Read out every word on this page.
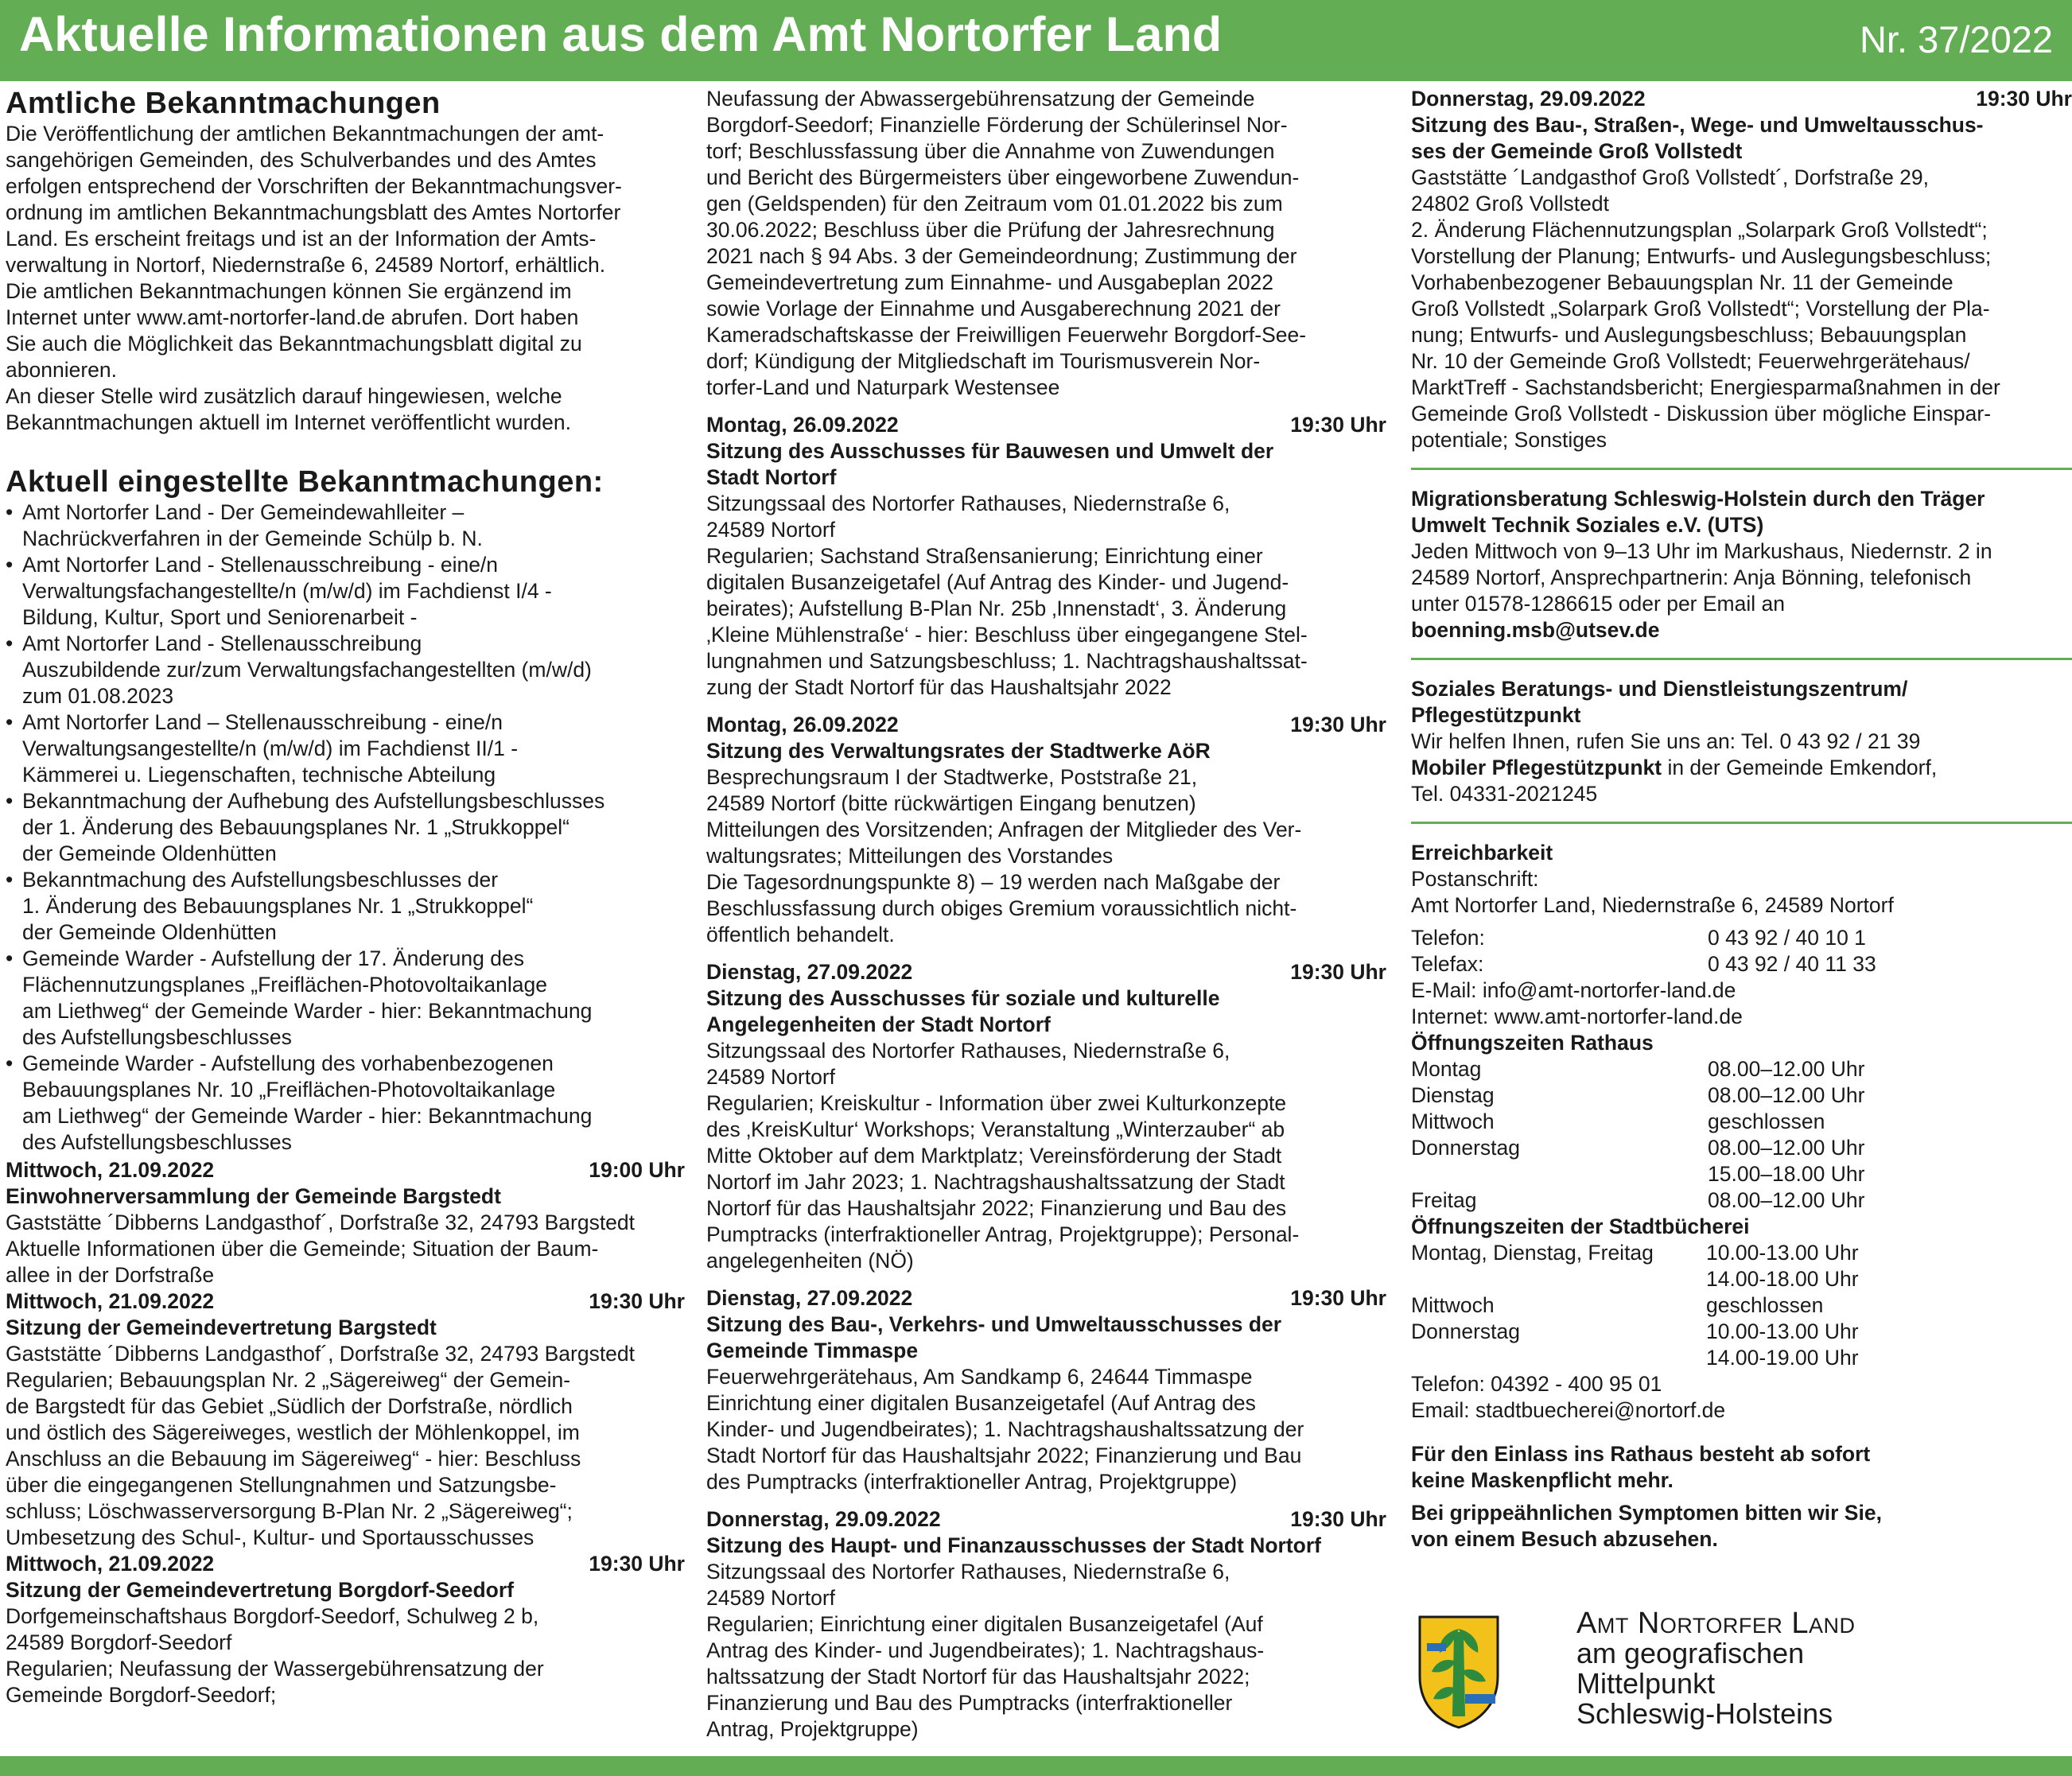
Aktuelle Informationen aus dem Amt Nortorfer Land	Nr. 37/2022
Amtliche Bekanntmachungen

Die Veröffentlichung der amtlichen Bekanntmachungen der amt-

sangehörigen Gemeinden, des Schulverbandes und des Amtes

erfolgen entsprechend der Vorschriften der Bekanntmachungsver-

ordnung im amtlichen Bekanntmachungsblatt des Amtes Nortorfer

Land. Es erscheint freitags und ist an der Information der Amts-

verwaltung in Nortorf, Niedernstraße 6, 24589 Nortorf, erhältlich.

Die amtlichen Bekanntmachungen können Sie ergänzend im

Internet unter www.amt-nortorfer-land.de abrufen. Dort haben

Sie auch die Möglichkeit das Bekanntmachungsblatt digital zu

abonnieren.

An dieser Stelle wird zusätzlich darauf hingewiesen, welche

Bekanntmachungen aktuell im Internet veröffentlicht wurden.

Aktuell eingestellte Bekanntmachungen:

• Amt Nortorfer Land - Der Gemeindewahlleiter –

Nachrückverfahren in der Gemeinde Schülp b. N.

• Amt Nortorfer Land - Stellenausschreibung - eine/n

Verwaltungsfachangestellte/n (m/w/d) im Fachdienst I/4 -

Bildung, Kultur, Sport und Seniorenarbeit -

• Amt Nortorfer Land - Stellenausschreibung

Auszubildende zur/zum Verwaltungsfachangestellten (m/w/d)

zum 01.08.2023

• Amt Nortorfer Land – Stellenausschreibung - eine/n

Verwaltungsangestellte/n (m/w/d) im Fachdienst II/1 -

Kämmerei u. Liegenschaften, technische Abteilung

• Bekanntmachung der Aufhebung des Aufstellungsbeschlusses

der 1. Änderung des Bebauungsplanes Nr. 1 „Strukkoppel“

der Gemeinde Oldenhütten

• Bekanntmachung des Aufstellungsbeschlusses der

1. Änderung des Bebauungsplanes Nr. 1 „Strukkoppel“

der Gemeinde Oldenhütten

• Gemeinde Warder - Aufstellung der 17. Änderung des

Flächennutzungsplanes „Freiflächen-Photovoltaikanlage

am Liethweg“ der Gemeinde Warder - hier: Bekanntmachung

des Aufstellungsbeschlusses

• Gemeinde Warder - Aufstellung des vorhabenbezogenen

Bebauungsplanes Nr. 10 „Freiflächen-Photovoltaikanlage

am Liethweg“ der Gemeinde Warder - hier: Bekanntmachung

des Aufstellungsbeschlusses

Mittwoch, 21.09.2022	19:00 Uhr

Einwohnerversammlung der Gemeinde Bargstedt

Gaststätte ´Dibberns Landgasthof´, Dorfstraße 32, 24793 Bargstedt

Aktuelle Informationen über die Gemeinde; Situation der Baum-

allee in der Dorfstraße

Mittwoch, 21.09.2022	19:30 Uhr

Sitzung der Gemeindevertretung Bargstedt

Gaststätte ´Dibberns Landgasthof´, Dorfstraße 32, 24793 Bargstedt

Regularien; Bebauungsplan Nr. 2 „Sägereiweg“ der Gemein-

de Bargstedt für das Gebiet „Südlich der Dorfstraße, nördlich

und östlich des Sägereiweges, westlich der Möhlenkoppel, im

Anschluss an die Bebauung im Sägereiweg“ - hier: Beschluss

über die eingegangenen Stellungnahmen und Satzungsbe-

schluss; Löschwasserversorgung B-Plan Nr. 2 „Sägereiweg“;

Umbesetzung des Schul-, Kultur- und Sportausschusses

Mittwoch, 21.09.2022	19:30 Uhr

Sitzung der Gemeindevertretung Borgdorf-Seedorf

Dorfgemeinschaftshaus Borgdorf-Seedorf, Schulweg 2 b,

24589 Borgdorf-Seedorf

Regularien; Neufassung der Wassergebührensatzung der

Gemeinde Borgdorf-Seedorf;

Neufassung der Abwassergebührensatzung der Gemeinde

Borgdorf-Seedorf; Finanzielle Förderung der Schülerinsel Nor-

torf; Beschlussfassung über die Annahme von Zuwendungen

und Bericht des Bürgermeisters über eingeworbene Zuwendun-

gen (Geldspenden) für den Zeitraum vom 01.01.2022 bis zum

30.06.2022; Beschluss über die Prüfung der Jahresrechnung

2021 nach § 94 Abs. 3 der Gemeindeordnung; Zustimmung der

Gemeindevertretung zum Einnahme- und Ausgabeplan 2022

sowie Vorlage der Einnahme und Ausgaberechnung 2021 der

Kameradschaftskasse der Freiwilligen Feuerwehr Borgdorf-See-

dorf; Kündigung der Mitgliedschaft im Tourismusverein Nor-

torfer-Land und Naturpark Westensee

Montag, 26.09.2022	19:30 Uhr

Sitzung des Ausschusses für Bauwesen und Umwelt der

Stadt Nortorf

Sitzungssaal des Nortorfer Rathauses, Niedernstraße 6,

24589 Nortorf

Regularien; Sachstand Straßensanierung; Einrichtung einer

digitalen Busanzeigetafel (Auf Antrag des Kinder- und Jugend-

beirates); Aufstellung B-Plan Nr. 25b ‚Innenstadt‘, 3. Änderung

‚Kleine Mühlenstraße‘ - hier: Beschluss über eingegangene Stel-

lungnahmen und Satzungsbeschluss; 1. Nachtragshaushaltssat-

zung der Stadt Nortorf für das Haushaltsjahr 2022

Montag, 26.09.2022	19:30 Uhr

Sitzung des Verwaltungsrates der Stadtwerke AöR

Besprechungsraum I der Stadtwerke, Poststraße 21,

24589 Nortorf (bitte rückwärtigen Eingang benutzen)

Mitteilungen des Vorsitzenden; Anfragen der Mitglieder des Ver-

waltungsrates; Mitteilungen des Vorstandes

Die Tagesordnungspunkte 8) – 19 werden nach Maßgabe der

Beschlussfassung durch obiges Gremium voraussichtlich nicht-

öffentlich behandelt.

Dienstag, 27.09.2022	19:30 Uhr

Sitzung des Ausschusses für soziale und kulturelle

Angelegenheiten der Stadt Nortorf

Sitzungssaal des Nortorfer Rathauses, Niedernstraße 6,

24589 Nortorf

Regularien; Kreiskultur - Information über zwei Kulturkonzepte

des ‚KreisKultur‘ Workshops; Veranstaltung „Winterzauber“ ab

Mitte Oktober auf dem Marktplatz; Vereinsförderung der Stadt

Nortorf im Jahr 2023; 1. Nachtragshaushaltssatzung der Stadt

Nortorf für das Haushaltsjahr 2022; Finanzierung und Bau des

Pumptracks (interfraktioneller Antrag, Projektgruppe); Personal-

angelegenheiten (NÖ)

Dienstag, 27.09.2022	19:30 Uhr

Sitzung des Bau-, Verkehrs- und Umweltausschusses der

Gemeinde Timmaspe

Feuerwehrgerätehaus, Am Sandkamp 6, 24644 Timmaspe

Einrichtung einer digitalen Busanzeigetafel (Auf Antrag des

Kinder- und Jugendbeirates); 1. Nachtragshaushaltssatzung der

Stadt Nortorf für das Haushaltsjahr 2022; Finanzierung und Bau

des Pumptracks (interfraktioneller Antrag, Projektgruppe)

Donnerstag, 29.09.2022	19:30 Uhr

Sitzung des Haupt- und Finanzausschusses der Stadt Nortorf

Sitzungssaal des Nortorfer Rathauses, Niedernstraße 6,

24589 Nortorf

Regularien; Einrichtung einer digitalen Busanzeigetafel (Auf

Antrag des Kinder- und Jugendbeirates); 1. Nachtragshaus-

haltssatzung der Stadt Nortorf für das Haushaltsjahr 2022;

Finanzierung und Bau des Pumptracks (interfraktioneller

Antrag, Projektgruppe)

Donnerstag, 29.09.2022	19:30 Uhr

Sitzung des Bau-, Straßen-, Wege- und Umweltausschus-

ses der Gemeinde Groß Vollstedt

Gaststätte ´Landgasthof Groß Vollstedt´, Dorfstraße 29,

24802 Groß Vollstedt

2. Änderung Flächennutzungsplan „Solarpark Groß Vollstedt“;

Vorstellung der Planung; Entwurfs- und Auslegungsbeschluss;

Vorhabenbezogener Bebauungsplan Nr. 11 der Gemeinde

Groß Vollstedt „Solarpark Groß Vollstedt“; Vorstellung der Pla-

nung; Entwurfs- und Auslegungsbeschluss; Bebauungsplan

Nr. 10 der Gemeinde Groß Vollstedt; Feuerwehrgerätehaus/

MarktTreff - Sachstandsbericht; Energiesparmaßnahmen in der

Gemeinde Groß Vollstedt - Diskussion über mögliche Einspar-

potentiale; Sonstiges

Migrationsberatung Schleswig-Holstein durch den Träger

Umwelt Technik Soziales e.V. (UTS)

Jeden Mittwoch von 9–13 Uhr im Markushaus, Niedernstr. 2 in

24589 Nortorf, Ansprechpartnerin: Anja Bönning, telefonisch

unter 01578-1286615 oder per Email an

boenning.msb@utsev.de

Soziales Beratungs- und Dienstleistungszentrum/

Pflegestützpunkt

Wir helfen Ihnen, rufen Sie uns an: Tel. 0 43 92 / 21 39

Mobiler Pflegestützpunkt in der Gemeinde Emkendorf,

Tel. 04331-2021245

Erreichbarkeit

Postanschrift:

Amt Nortorfer Land, Niedernstraße 6, 24589 Nortorf

Telefon:	0 43 92 / 40 10 1
Telefax:	0 43 92 / 40 11 33

E-Mail: info@amt-nortorfer-land.de

Internet: www.amt-nortorfer-land.de

Öffnungszeiten Rathaus

Montag	08.00–12.00 Uhr
Dienstag	08.00–12.00 Uhr
Mittwoch	geschlossen
Donnerstag	08.00–12.00 Uhr
15.00–18.00 Uhr
Freitag	08.00–12.00 Uhr

Öffnungszeiten der Stadtbücherei

Montag, Dienstag, Freitag	10.00-13.00 Uhr
14.00-18.00 Uhr
Mittwoch	geschlossen
Donnerstag	10.00-13.00 Uhr
14.00-19.00 Uhr

Telefon: 04392 - 400 95 01

Email: stadtbuecherei@nortorf.de

Für den Einlass ins Rathaus besteht ab sofort

keine Maskenpflicht mehr.

Bei grippeähnlichen Symptomen bitten wir Sie,

von einem Besuch abzusehen.

Amt Nortorfer Land
am geografischen
Mittelpunkt
Schleswig-Holsteins
